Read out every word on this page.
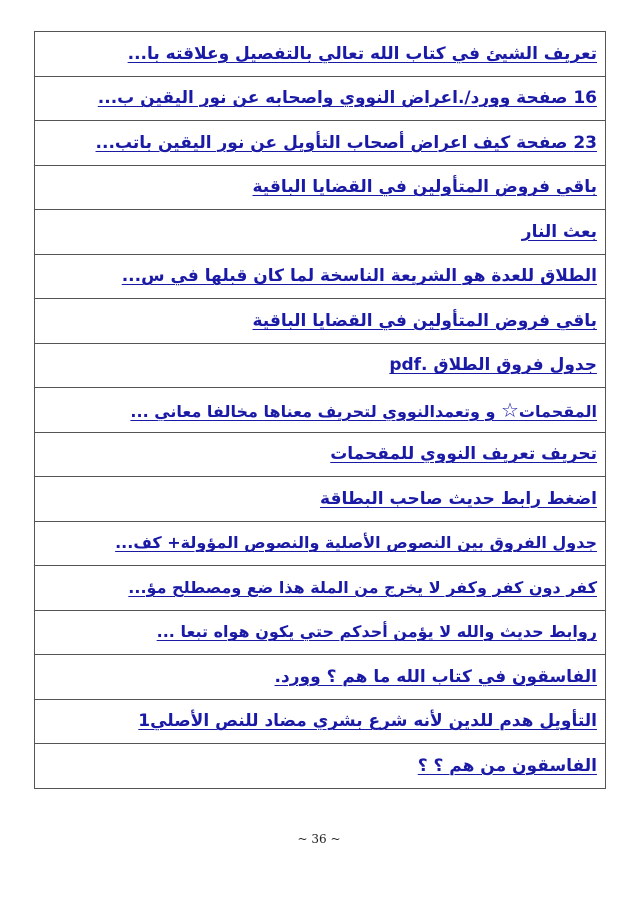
تعريف الشيئ في كتاب الله تعالي بالتفصيل وعلاقته با...
16 صفحة وورد/.اعراض النووي واصحابه عن نور اليقين ب...
23 صفحة كيف اعراض أصحاب التأويل عن نور اليقين باتب...
باقي فروض المتأولين في القضايا الباقية
بعث النار
الطلاق للعدة هو الشريعة الناسخة لما كان قبلها في س...
باقي فروض المتأولين في القضايا الباقية
جدول فروق الطلاق .pdf
المقحمات☆ و وتعمدالنووي لتحريف معناها مخالفا معاني ...
تحريف تعريف النووي للمقحمات
اضغط رابط حديث صاحب البطاقة
جدول الفروق بين النصوص الأصلية والنصوص المؤولة+ كف...
كفر دون كفر وكفر لا يخرج من الملة هذا ضع ومصطلح مؤ...
روابط حديث والله لا يؤمن أحدكم حتي يكون هواه تبعا ...
الفاسقون في كتاب الله ما هم ؟ وورد.
التأويل هدم للدين لأنه شرع بشري مضاد للنص الأصلي1
الفاسقون من هم ؟ ؟
~ 36 ~
